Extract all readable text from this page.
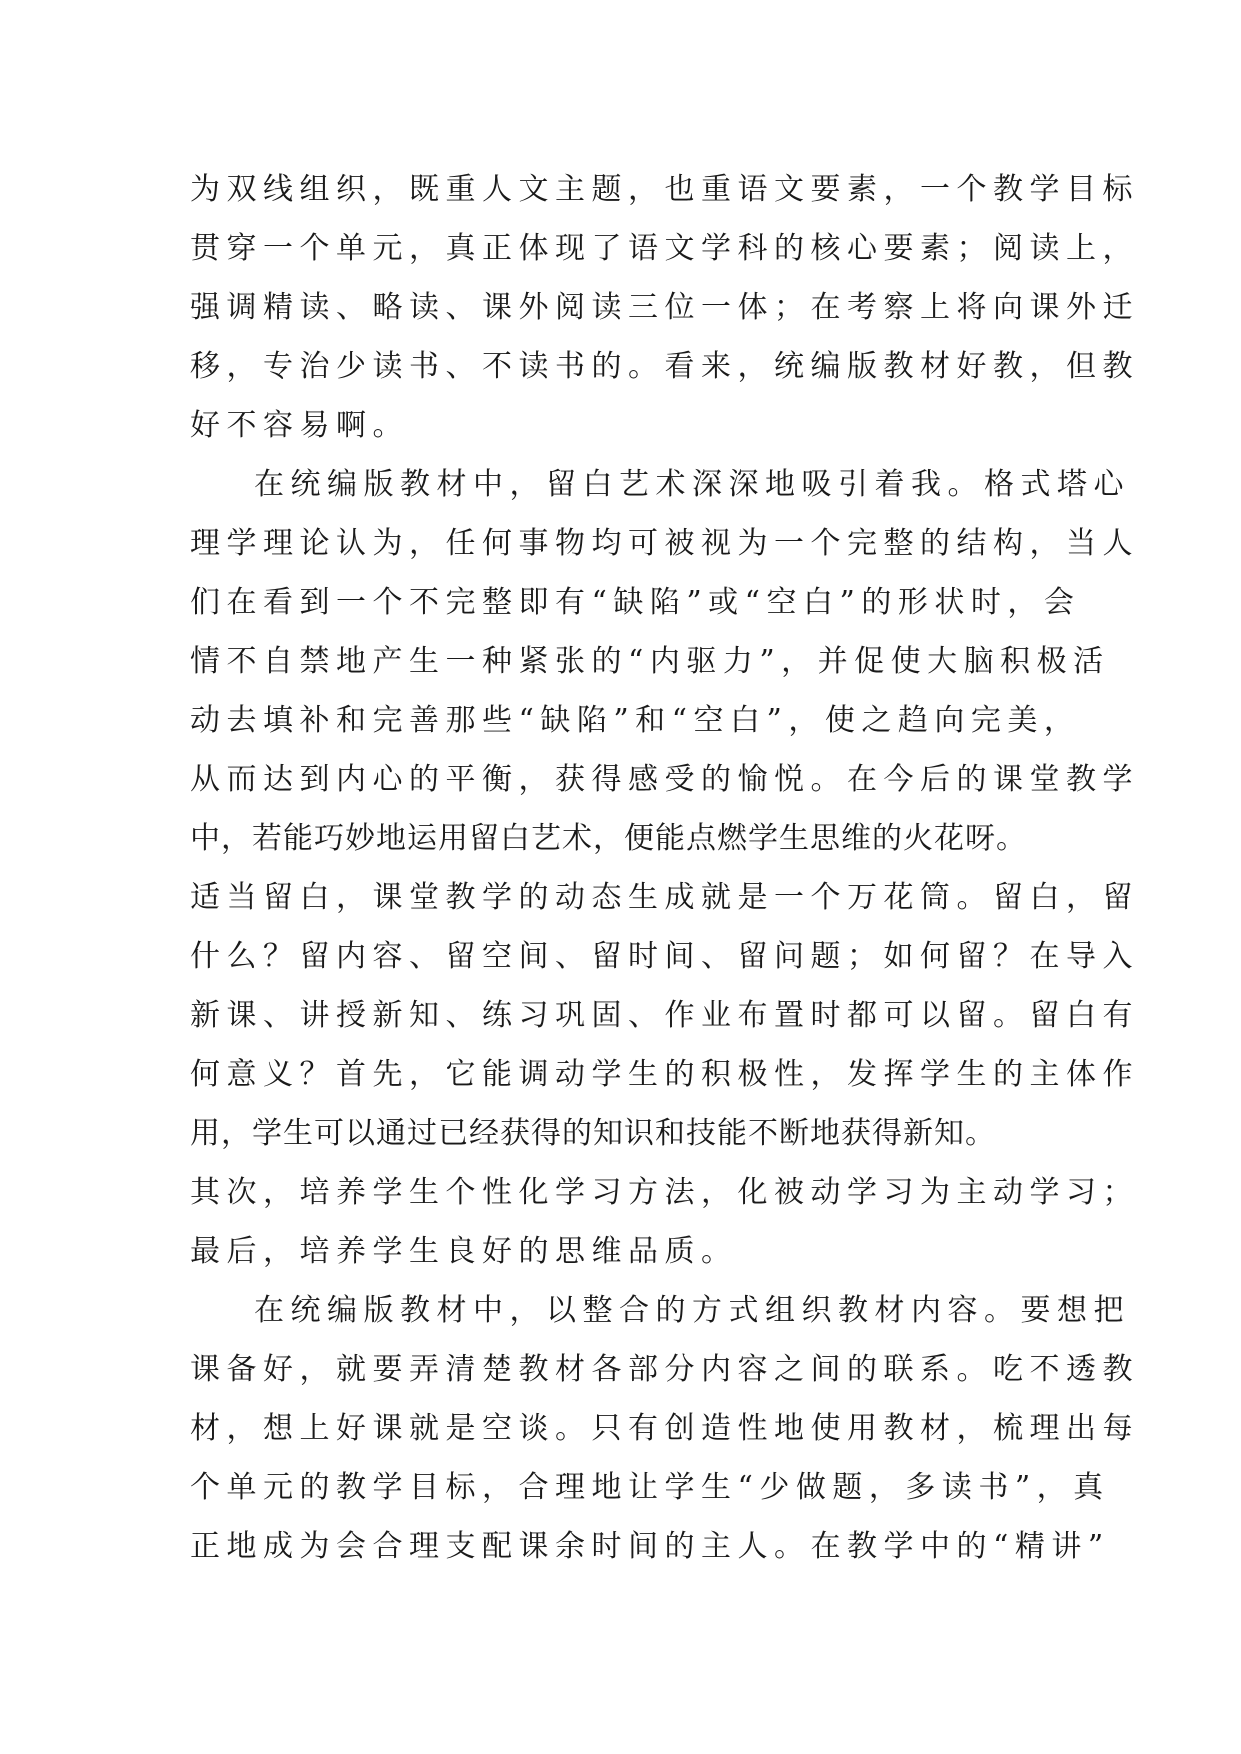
为双线组织，既重人文主题，也重语文要素，一个教学目标
贯穿一个单元，真正体现了语文学科的核心要素；阅读上，
强调精读、略读、课外阅读三位一体；在考察上将向课外迁
移，专治少读书、不读书的。看来，统编版教材好教，但教
好不容易啊。
在统编版教材中，留白艺术深深地吸引着我。格式塔心
理学理论认为，任何事物均可被视为一个完整的结构，当人
们在看到一个不完整即有“缺陷”或“空白”的形状时，会
情不自禁地产生一种紧张的“内驱力”，并促使大脑积极活
动去填补和完善那些“缺陷”和“空白”，使之趋向完美，
从而达到内心的平衡，获得感受的愉悦。在今后的课堂教学
中，若能巧妙地运用留白艺术，便能点燃学生思维的火花呀。
适当留白，课堂教学的动态生成就是一个万花筒。留白，留
什么？留内容、留空间、留时间、留问题；如何留？在导入
新课、讲授新知、练习巩固、作业布置时都可以留。留白有
何意义？首先，它能调动学生的积极性，发挥学生的主体作
用，学生可以通过已经获得的知识和技能不断地获得新知。
其次，培养学生个性化学习方法，化被动学习为主动学习；
最后，培养学生良好的思维品质。
在统编版教材中，以整合的方式组织教材内容。要想把
课备好，就要弄清楚教材各部分内容之间的联系。吃不透教
材，想上好课就是空谈。只有创造性地使用教材，梳理出每
个单元的教学目标，合理地让学生“少做题，多读书”，真
正地成为会合理支配课余时间的主人。在教学中的“精讲”
